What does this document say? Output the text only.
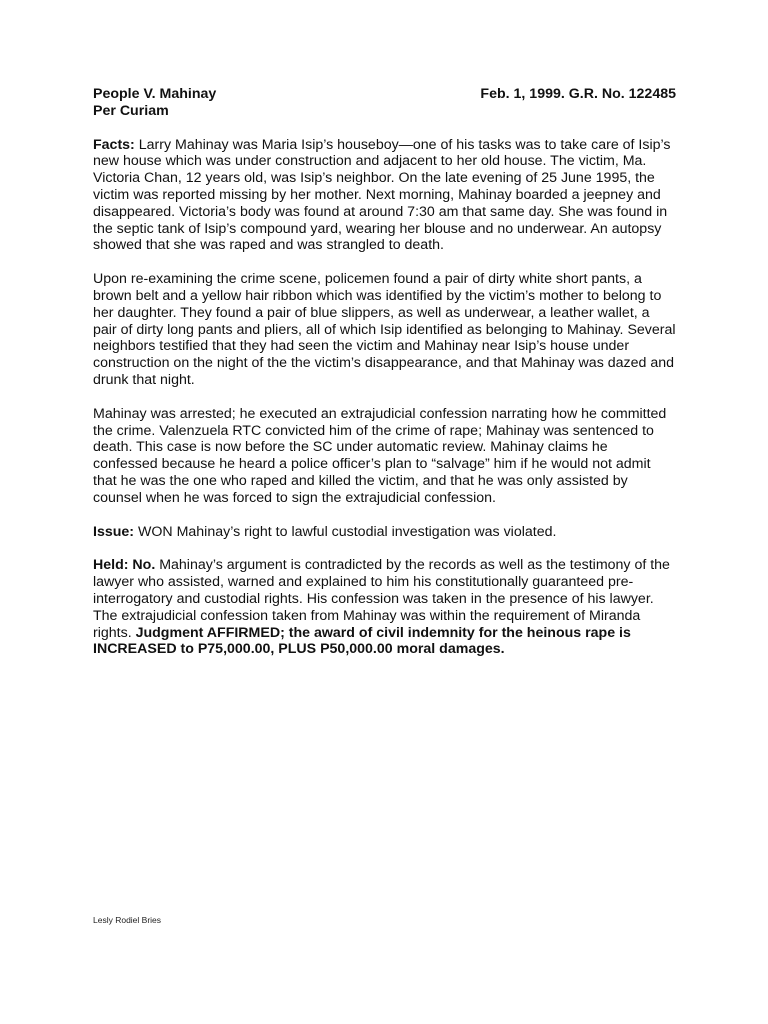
People V. Mahinay	Feb. 1, 1999. G.R. No. 122485
Per Curiam

Facts: Larry Mahinay was Maria Isip’s houseboy—one of his tasks was to take care of Isip’s new house which was under construction and adjacent to her old house. The victim, Ma. Victoria Chan, 12 years old, was Isip’s neighbor. On the late evening of 25 June 1995, the victim was reported missing by her mother. Next morning, Mahinay boarded a jeepney and disappeared. Victoria’s body was found at around 7:30 am that same day. She was found in the septic tank of Isip’s compound yard, wearing her blouse and no underwear. An autopsy showed that she was raped and was strangled to death.

Upon re-examining the crime scene, policemen found a pair of dirty white short pants, a brown belt and a yellow hair ribbon which was identified by the victim’s mother to belong to her daughter. They found a pair of blue slippers, as well as underwear, a leather wallet, a pair of dirty long pants and pliers, all of which Isip identified as belonging to Mahinay. Several neighbors testified that they had seen the victim and Mahinay near Isip’s house under construction on the night of the the victim’s disappearance, and that Mahinay was dazed and drunk that night.

Mahinay was arrested; he executed an extrajudicial confession narrating how he committed the crime. Valenzuela RTC convicted him of the crime of rape; Mahinay was sentenced to death. This case is now before the SC under automatic review. Mahinay claims he confessed because he heard a police officer’s plan to “salvage” him if he would not admit that he was the one who raped and killed the victim, and that he was only assisted by counsel when he was forced to sign the extrajudicial confession.

Issue: WON Mahinay’s right to lawful custodial investigation was violated.

Held: No. Mahinay’s argument is contradicted by the records as well as the testimony of the lawyer who assisted, warned and explained to him his constitutionally guaranteed pre-interrogatory and custodial rights. His confession was taken in the presence of his lawyer. The extrajudicial confession taken from Mahinay was within the requirement of Miranda rights. Judgment AFFIRMED; the award of civil indemnity for the heinous rape is INCREASED to P75,000.00, PLUS P50,000.00 moral damages.

Lesly Rodiel Bries
